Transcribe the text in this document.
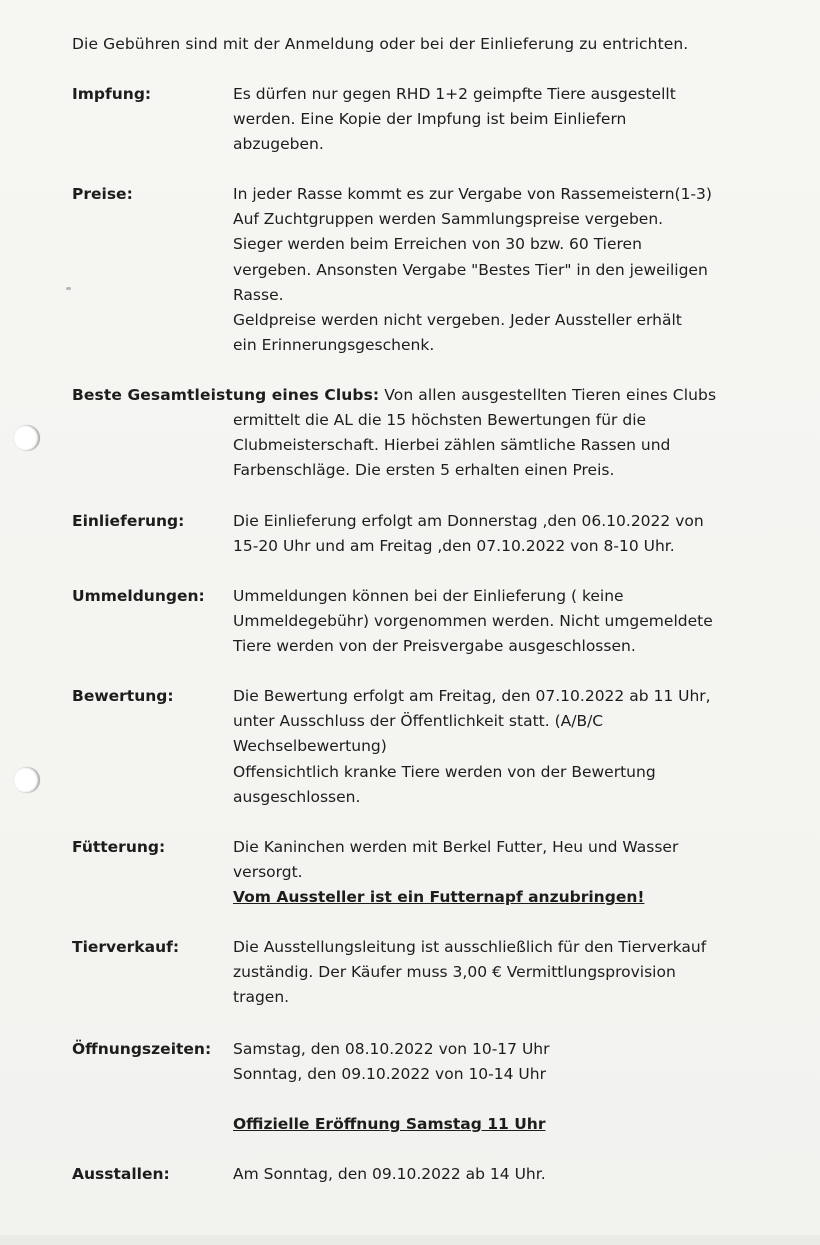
Die Gebühren sind mit der Anmeldung oder bei der Einlieferung zu entrichten.
Impfung:	Es dürfen nur gegen RHD 1+2 geimpfte Tiere ausgestellt
werden. Eine Kopie der Impfung ist beim Einliefern
abzugeben.
Preise:	In jeder Rasse kommt es zur Vergabe von Rassemeistern(1-3)
Auf Zuchtgruppen werden Sammlungspreise vergeben.
Sieger werden beim Erreichen von 30 bzw. 60 Tieren
vergeben. Ansonsten Vergabe "Bestes Tier" in den jeweiligen
Rasse.
Geldpreise werden nicht vergeben. Jeder Aussteller erhält
ein Erinnerungsgeschenk.
Beste Gesamtleistung eines Clubs: Von allen ausgestellten Tieren eines Clubs
ermittelt die AL die 15 höchsten Bewertungen für die
Clubmeisterschaft. Hierbei zählen sämtliche Rassen und
Farbenschläge. Die ersten 5 erhalten einen Preis.
Einlieferung:	Die Einlieferung erfolgt am Donnerstag ,den 06.10.2022 von
15-20 Uhr und am Freitag ,den 07.10.2022 von 8-10 Uhr.
Ummeldungen: Ummeldungen können bei der Einlieferung ( keine
Ummeldegebühr) vorgenommen werden. Nicht umgemeldete
Tiere werden von der Preisvergabe ausgeschlossen.
Bewertung:	Die Bewertung erfolgt am Freitag, den 07.10.2022 ab 11 Uhr,
unter Ausschluss der Öffentlichkeit statt. (A/B/C
Wechselbewertung)
Offensichtlich kranke Tiere werden von der Bewertung
ausgeschlossen.
Fütterung:	Die Kaninchen werden mit Berkel Futter, Heu und Wasser
versorgt.
Vom Aussteller ist ein Futternapf anzubringen!
Tierverkauf:	Die Ausstellungsleitung ist ausschließlich für den Tierverkauf
zuständig. Der Käufer muss 3,00 € Vermittlungsprovision
tragen.
Öffnungszeiten: Samstag, den 08.10.2022 von 10-17 Uhr
Sonntag, den 09.10.2022 von 10-14 Uhr
Offizielle Eröffnung Samstag 11 Uhr
Ausstallen:	Am Sonntag, den 09.10.2022 ab 14 Uhr.
